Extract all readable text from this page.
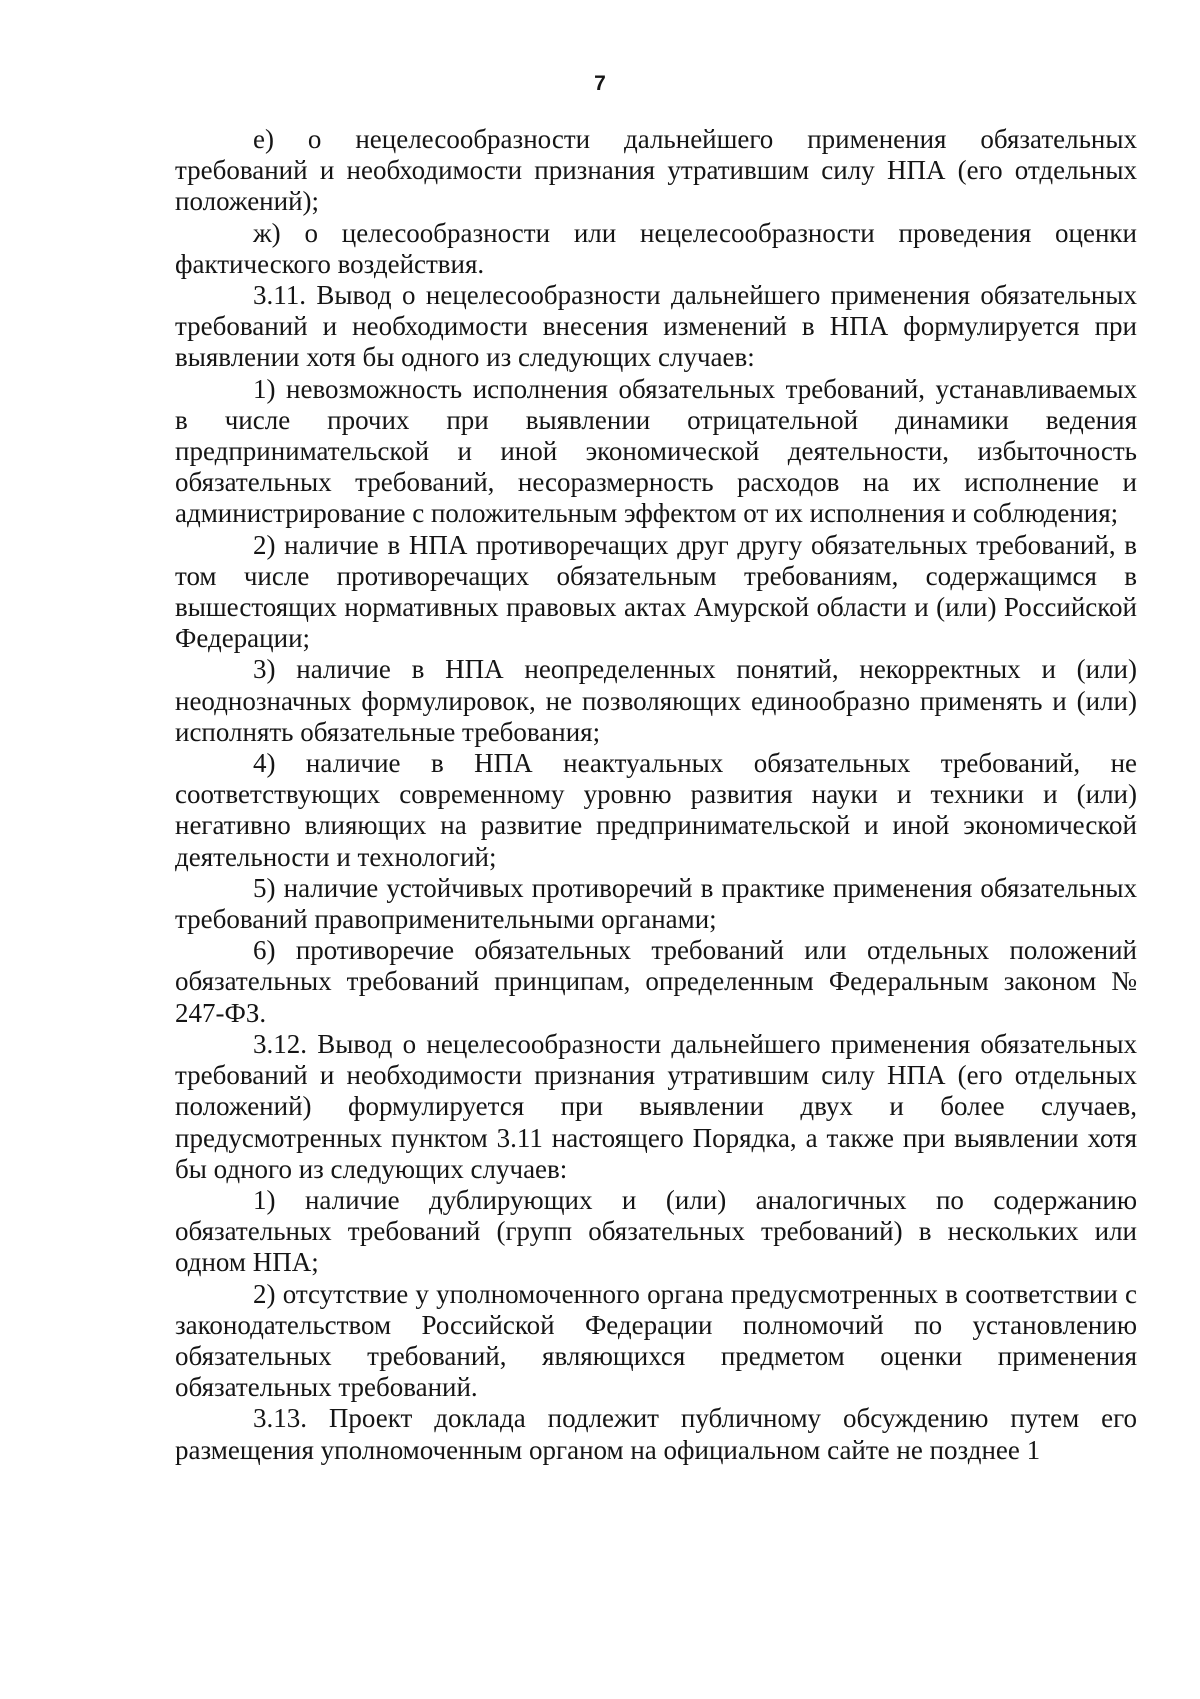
7

е) о нецелесообразности дальнейшего применения обязательных требований и необходимости признания утратившим силу НПА (его отдельных положений);

ж) о целесообразности или нецелесообразности проведения оценки фактического воздействия.

3.11. Вывод о нецелесообразности дальнейшего применения обязательных требований и необходимости внесения изменений в НПА формулируется при выявлении хотя бы одного из следующих случаев:

1) невозможность исполнения обязательных требований, устанавливаемых в числе прочих при выявлении отрицательной динамики ведения предпринимательской и иной экономической деятельности, избыточность обязательных требований, несоразмерность расходов на их исполнение и администрирование с положительным эффектом от их исполнения и соблюдения;

2) наличие в НПА противоречащих друг другу обязательных требований, в том числе противоречащих обязательным требованиям, содержащимся в вышестоящих нормативных правовых актах Амурской области и (или) Российской Федерации;

3) наличие в НПА неопределенных понятий, некорректных и (или) неоднозначных формулировок, не позволяющих единообразно применять и (или) исполнять обязательные требования;

4) наличие в НПА неактуальных обязательных требований, не соответствующих современному уровню развития науки и техники и (или) негативно влияющих на развитие предпринимательской и иной экономической деятельности и технологий;

5) наличие устойчивых противоречий в практике применения обязательных требований правоприменительными органами;

6) противоречие обязательных требований или отдельных положений обязательных требований принципам, определенным Федеральным законом № 247-ФЗ.

3.12. Вывод о нецелесообразности дальнейшего применения обязательных требований и необходимости признания утратившим силу НПА (его отдельных положений) формулируется при выявлении двух и более случаев, предусмотренных пунктом 3.11 настоящего Порядка, а также при выявлении хотя бы одного из следующих случаев:

1) наличие дублирующих и (или) аналогичных по содержанию обязательных требований (групп обязательных требований) в нескольких или одном НПА;

2) отсутствие у уполномоченного органа предусмотренных в соответствии с законодательством Российской Федерации полномочий по установлению обязательных требований, являющихся предметом оценки применения обязательных требований.

3.13. Проект доклада подлежит публичному обсуждению путем его размещения уполномоченным органом на официальном сайте не позднее 1
